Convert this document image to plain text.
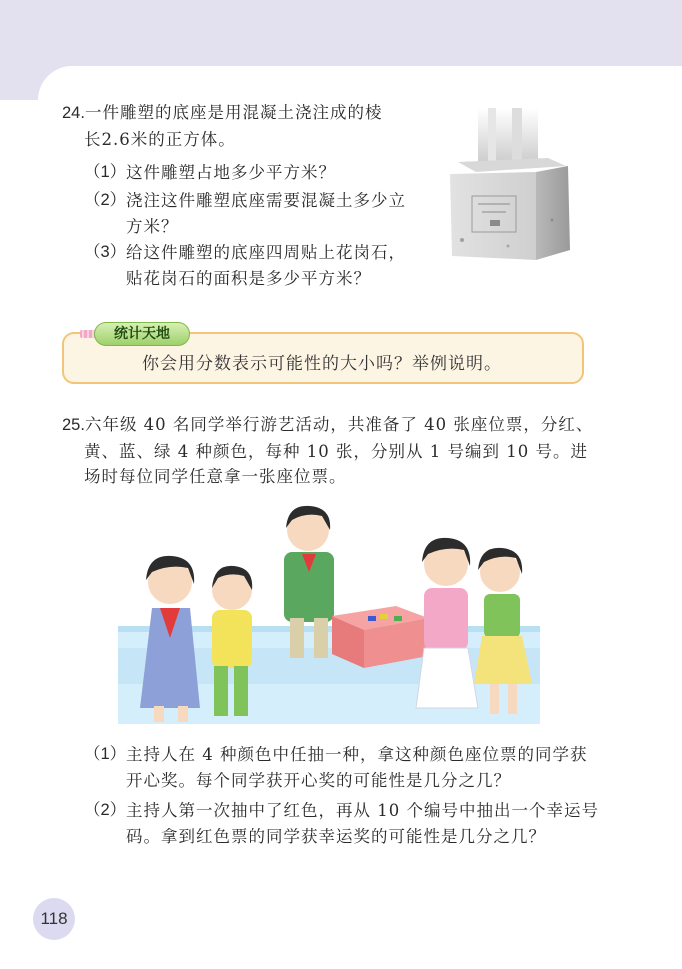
24.一件雕塑的底座是用混凝土浇注成的棱
长2.6米的正方体。
（1） 这件雕塑占地多少平方米？
（2） 浇注这件雕塑底座需要混凝土多少立方米？
（3） 给这件雕塑的底座四周贴上花岗石，贴花岗石的面积是多少平方米？
统计天地
你会用分数表示可能性的大小吗？举例说明。
25.六年级 40 名同学举行游艺活动，共准备了 40 张座位票，分红、
黄、蓝、绿 4 种颜色，每种 10 张，分别从 1 号编到 10 号。进
场时每位同学任意拿一张座位票。
（1） 主持人在 4 种颜色中任抽一种，拿这种颜色座位票的同学获开心奖。每个同学获开心奖的可能性是几分之几？
（2） 主持人第一次抽中了红色，再从 10 个编号中抽出一个幸运号码。拿到红色票的同学获幸运奖的可能性是几分之几？
118
